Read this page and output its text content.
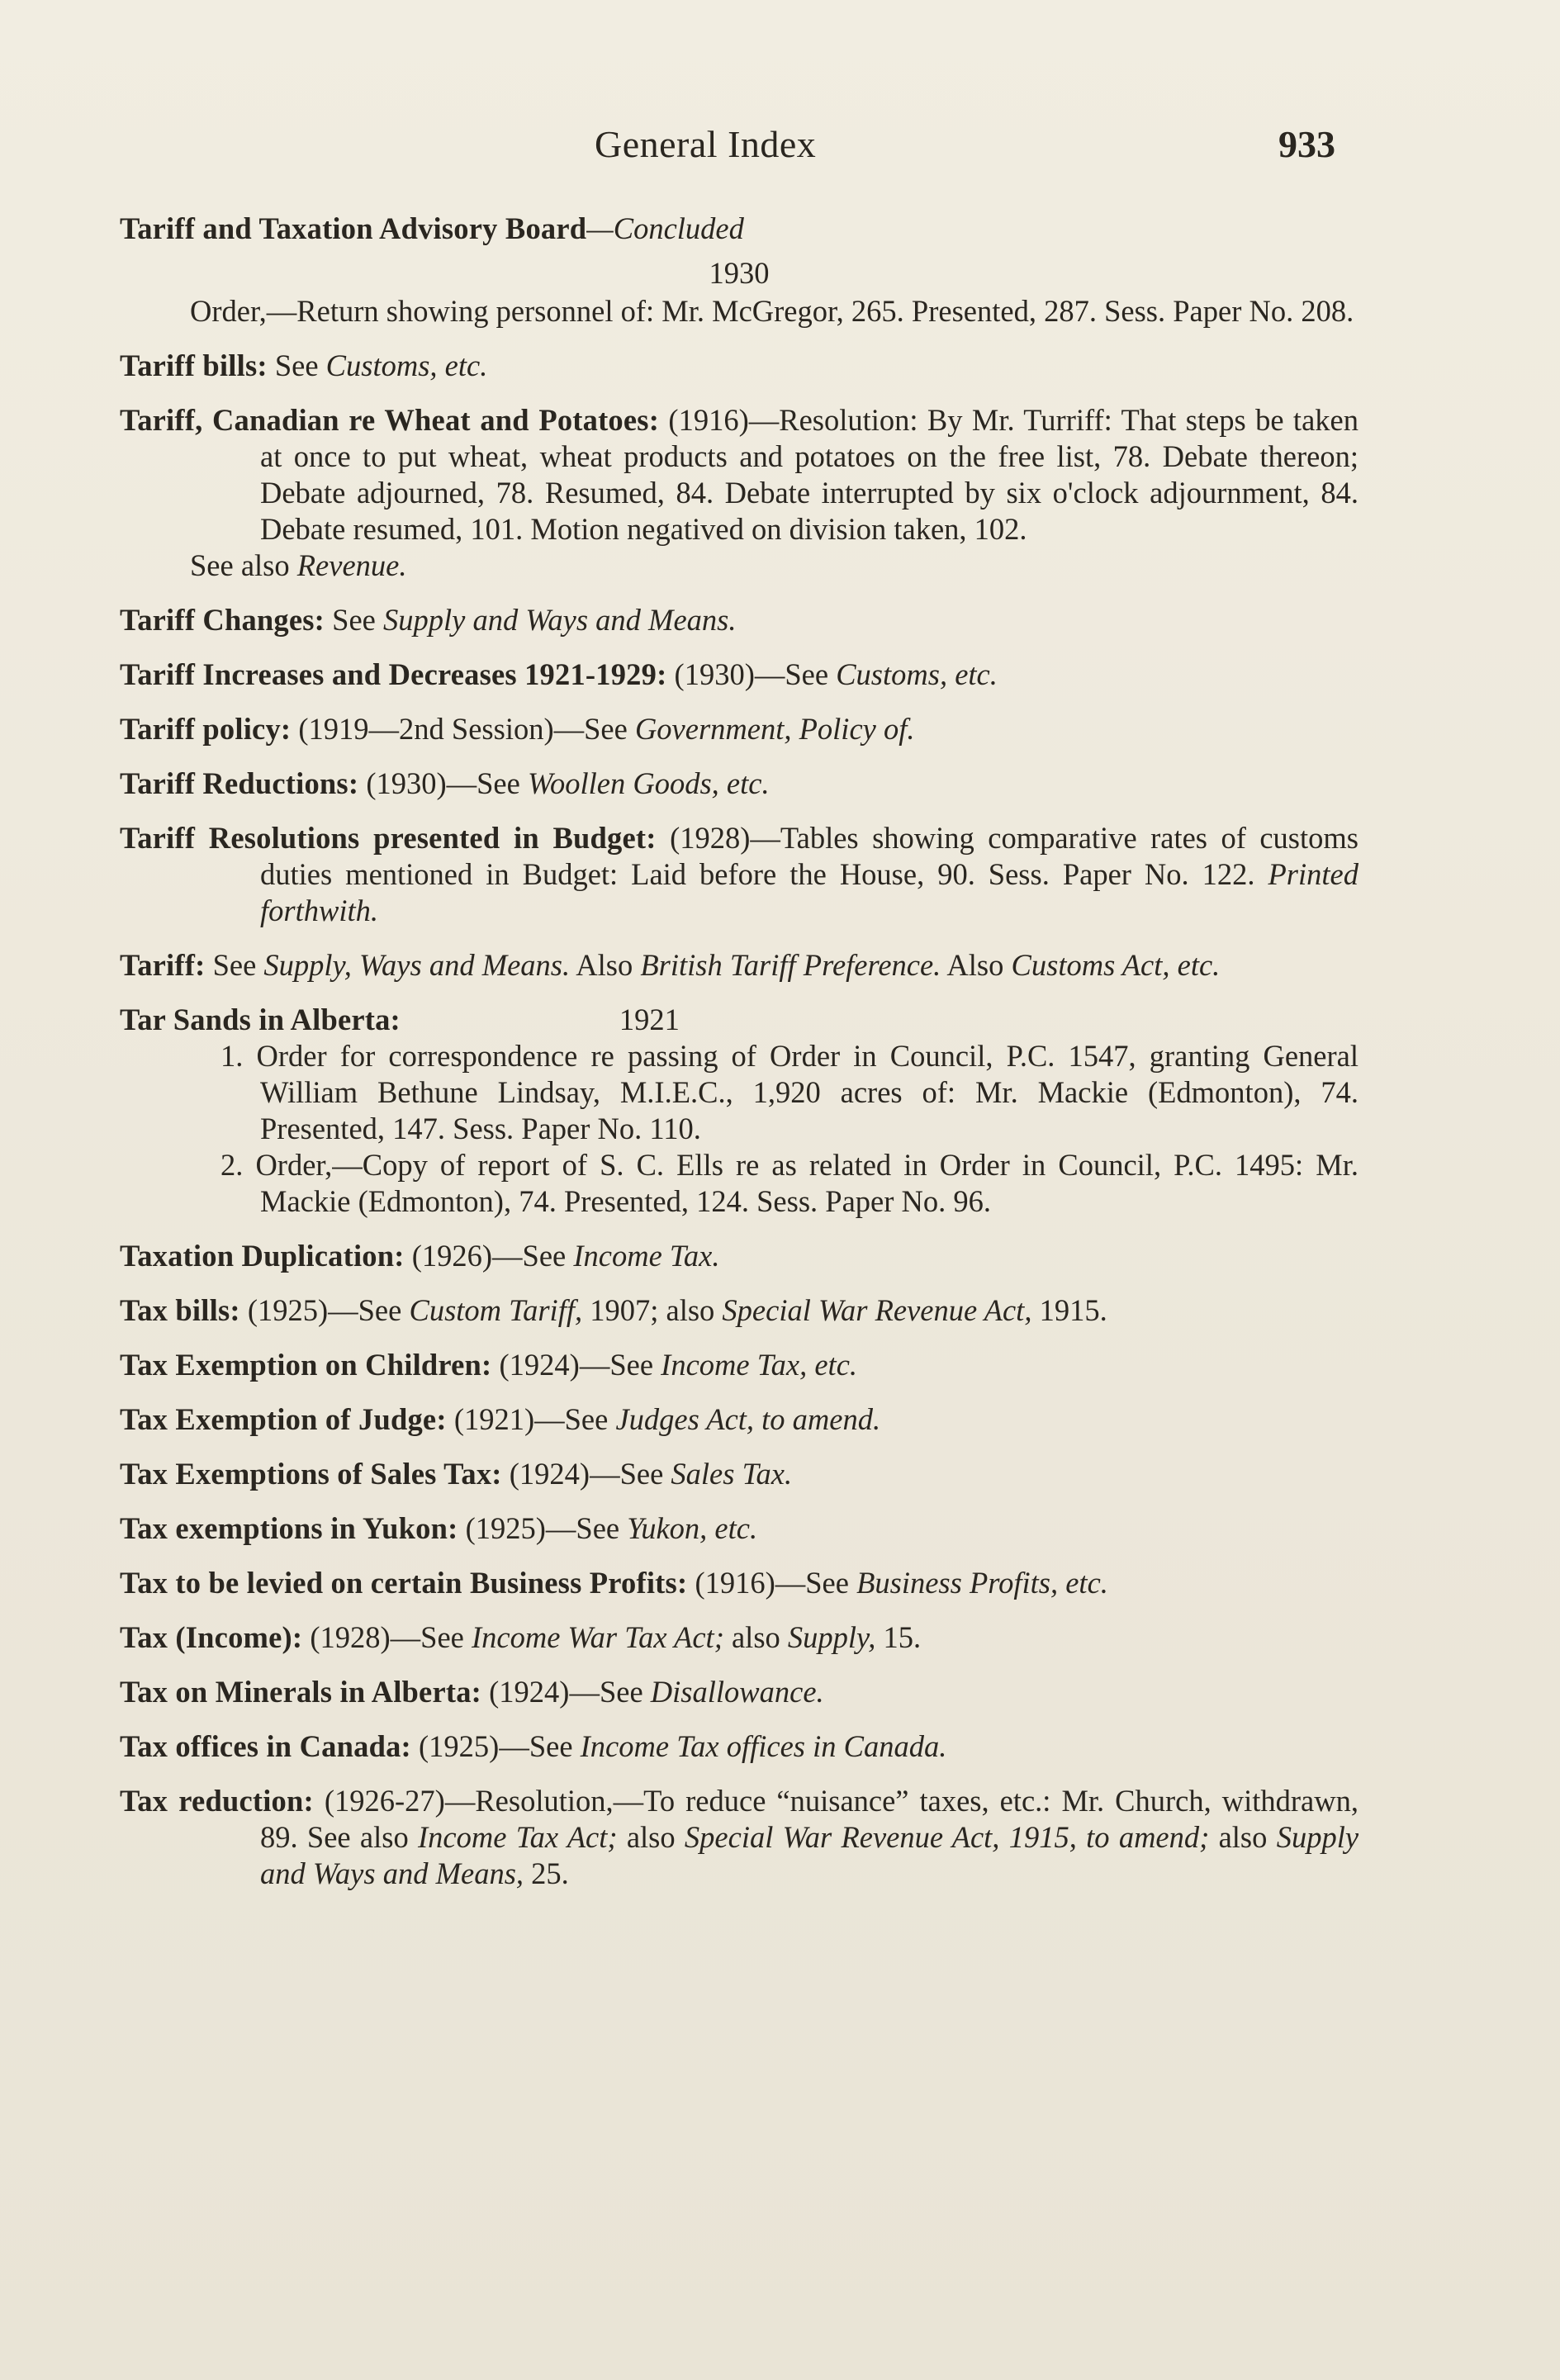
General Index	933
Tariff and Taxation Advisory Board—Concluded
1930
Order,—Return showing personnel of: Mr. McGregor, 265. Presented, 287. Sess. Paper No. 208.

Tariff bills: See Customs, etc.

Tariff, Canadian re Wheat and Potatoes: (1916)—Resolution: By Mr. Turriff: That steps be taken at once to put wheat, wheat products and potatoes on the free list, 78. Debate thereon; Debate adjourned, 78. Resumed, 84. Debate interrupted by six o'clock adjournment, 84. Debate resumed, 101. Motion negatived on division taken, 102.

See also Revenue.

Tariff Changes: See Supply and Ways and Means.

Tariff Increases and Decreases 1921-1929: (1930)—See Customs, etc.

Tariff policy: (1919—2nd Session)—See Government, Policy of.

Tariff Reductions: (1930)—See Woollen Goods, etc.

Tariff Resolutions presented in Budget: (1928)—Tables showing comparative rates of customs duties mentioned in Budget: Laid before the House, 90. Sess. Paper No. 122. Printed forthwith.

Tariff: See Supply, Ways and Means. Also British Tariff Preference. Also Customs Act, etc.

Tar Sands in Alberta:	1921
1. Order for correspondence re passing of Order in Council, P.C. 1547, granting General William Bethune Lindsay, M.I.E.C., 1,920 acres of: Mr. Mackie (Edmonton), 74. Presented, 147. Sess. Paper No. 110.
2. Order,—Copy of report of S. C. Ells re as related in Order in Council, P.C. 1495: Mr. Mackie (Edmonton), 74. Presented, 124. Sess. Paper No. 96.

Taxation Duplication: (1926)—See Income Tax.

Tax bills: (1925)—See Custom Tariff, 1907; also Special War Revenue Act, 1915.

Tax Exemption on Children: (1924)—See Income Tax, etc.

Tax Exemption of Judge: (1921)—See Judges Act, to amend.

Tax Exemptions of Sales Tax: (1924)—See Sales Tax.

Tax exemptions in Yukon: (1925)—See Yukon, etc.

Tax to be levied on certain Business Profits: (1916)—See Business Profits, etc.

Tax (Income): (1928)—See Income War Tax Act; also Supply, 15.

Tax on Minerals in Alberta: (1924)—See Disallowance.

Tax offices in Canada: (1925)—See Income Tax offices in Canada.

Tax reduction: (1926-27)—Resolution,—To reduce “nuisance” taxes, etc.: Mr. Church, withdrawn, 89. See also Income Tax Act; also Special War Revenue Act, 1915, to amend; also Supply and Ways and Means, 25.
